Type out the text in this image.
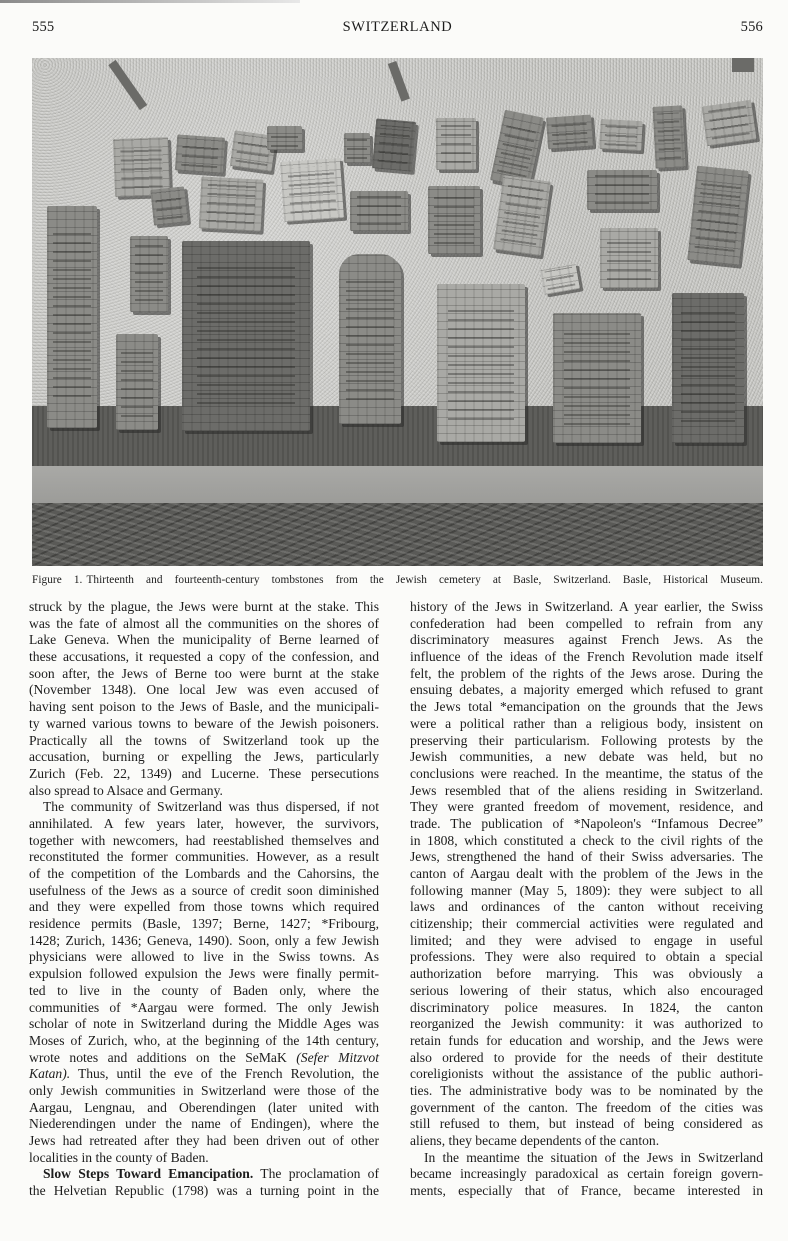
555	SWITZERLAND	556
Figure 1. Thirteenth and fourteenth-century tombstones from the Jewish cemetery at Basle, Switzerland. Basle, Historical Museum.
struck by the plague, the Jews were burnt at the stake. This
was the fate of almost all the communities on the shores of
Lake Geneva. When the municipality of Berne learned of
these accusations, it requested a copy of the confession, and
soon after, the Jews of Berne too were burnt at the stake
(November 1348). One local Jew was even accused of
having sent poison to the Jews of Basle, and the municipali-
ty warned various towns to beware of the Jewish poisoners.
Practically all the towns of Switzerland took up the
accusation, burning or expelling the Jews, particularly
Zurich (Feb. 22, 1349) and Lucerne. These persecutions
also spread to Alsace and Germany.
The community of Switzerland was thus dispersed, if not
annihilated. A few years later, however, the survivors,
together with newcomers, had reestablished themselves and
reconstituted the former communities. However, as a result
of the competition of the Lombards and the Cahorsins, the
usefulness of the Jews as a source of credit soon diminished
and they were expelled from those towns which required
residence permits (Basle, 1397; Berne, 1427; *Fribourg,
1428; Zurich, 1436; Geneva, 1490). Soon, only a few Jewish
physicians were allowed to live in the Swiss towns. As
expulsion followed expulsion the Jews were finally permit-
ted to live in the county of Baden only, where the
communities of *Aargau were formed. The only Jewish
scholar of note in Switzerland during the Middle Ages was
Moses of Zurich, who, at the beginning of the 14th century,
wrote notes and additions on the SeMaK (Sefer Mitzvot
Katan). Thus, until the eve of the French Revolution, the
only Jewish communities in Switzerland were those of the
Aargau, Lengnau, and Oberendingen (later united with
Niederendingen under the name of Endingen), where the
Jews had retreated after they had been driven out of other
localities in the county of Baden.
Slow Steps Toward Emancipation. The proclamation of
the Helvetian Republic (1798) was a turning point in the
history of the Jews in Switzerland. A year earlier, the Swiss
confederation had been compelled to refrain from any
discriminatory measures against French Jews. As the
influence of the ideas of the French Revolution made itself
felt, the problem of the rights of the Jews arose. During the
ensuing debates, a majority emerged which refused to grant
the Jews total *emancipation on the grounds that the Jews
were a political rather than a religious body, insistent on
preserving their particularism. Following protests by the
Jewish communities, a new debate was held, but no
conclusions were reached. In the meantime, the status of the
Jews resembled that of the aliens residing in Switzerland.
They were granted freedom of movement, residence, and
trade. The publication of *Napoleon's “Infamous Decree”
in 1808, which constituted a check to the civil rights of the
Jews, strengthened the hand of their Swiss adversaries. The
canton of Aargau dealt with the problem of the Jews in the
following manner (May 5, 1809): they were subject to all
laws and ordinances of the canton without receiving
citizenship; their commercial activities were regulated and
limited; and they were advised to engage in useful
professions. They were also required to obtain a special
authorization before marrying. This was obviously a
serious lowering of their status, which also encouraged
discriminatory police measures. In 1824, the canton
reorganized the Jewish community: it was authorized to
retain funds for education and worship, and the Jews were
also ordered to provide for the needs of their destitute
coreligionists without the assistance of the public authori-
ties. The administrative body was to be nominated by the
government of the canton. The freedom of the cities was
still refused to them, but instead of being considered as
aliens, they became dependents of the canton.
In the meantime the situation of the Jews in Switzerland
became increasingly paradoxical as certain foreign govern-
ments, especially that of France, became interested in
